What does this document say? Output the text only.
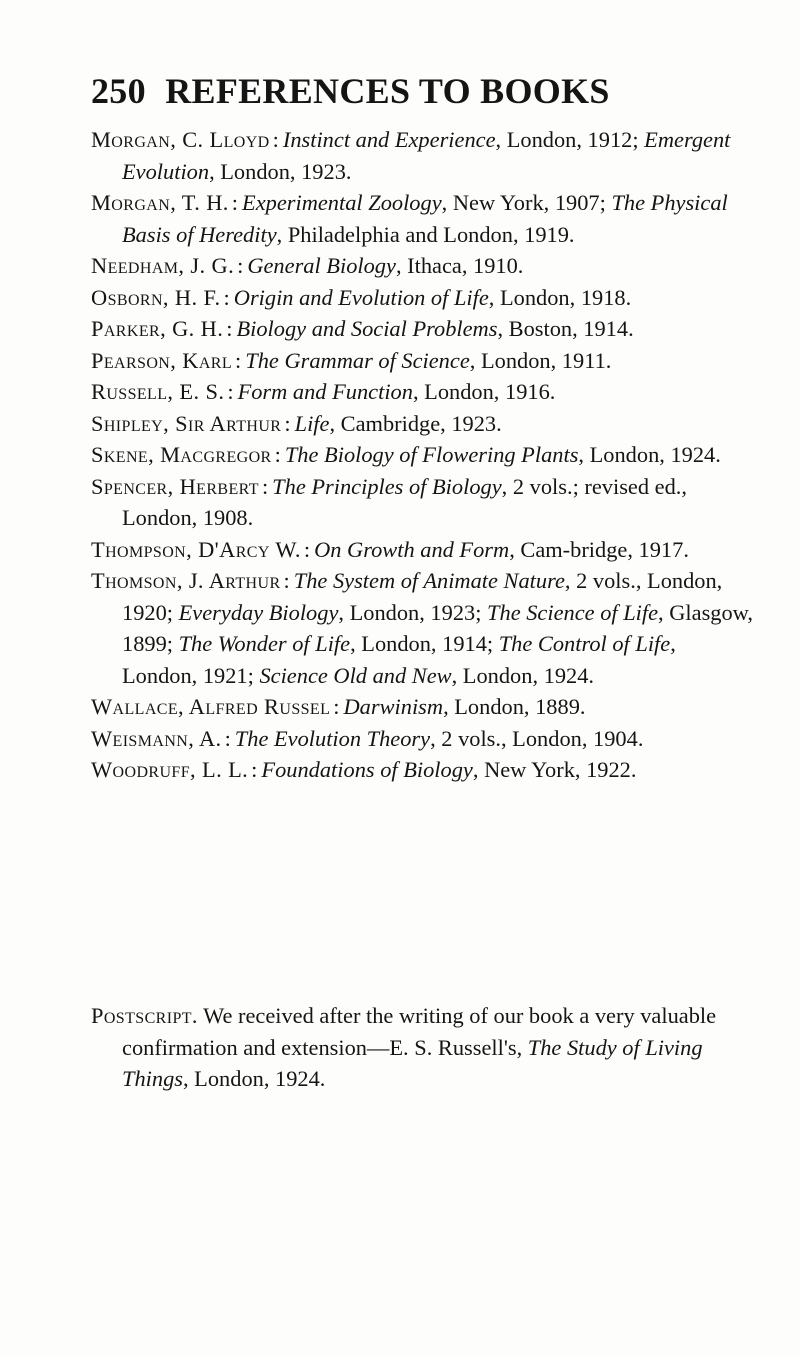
250 REFERENCES TO BOOKS

Morgan, C. Lloyd : Instinct and Experience, London, 1912; Emergent Evolution, London, 1923.

Morgan, T. H. : Experimental Zoology, New York, 1907; The Physical Basis of Heredity, Philadelphia and London, 1919.

Needham, J. G. : General Biology, Ithaca, 1910.

Osborn, H. F. : Origin and Evolution of Life, London, 1918.

Parker, G. H. : Biology and Social Problems, Boston, 1914.

Pearson, Karl : The Grammar of Science, London, 1911.

Russell, E. S. : Form and Function, London, 1916.

Shipley, Sir Arthur : Life, Cambridge, 1923.

Skene, Macgregor : The Biology of Flowering Plants, London, 1924.

Spencer, Herbert : The Principles of Biology, 2 vols.; revised ed., London, 1908.

Thompson, D'Arcy W. : On Growth and Form, Cam-bridge, 1917.

Thomson, J. Arthur : The System of Animate Nature, 2 vols., London, 1920; Everyday Biology, London, 1923; The Science of Life, Glasgow, 1899; The Wonder of Life, London, 1914; The Control of Life, London, 1921; Science Old and New, London, 1924.

Wallace, Alfred Russel : Darwinism, London, 1889.

Weismann, A. : The Evolution Theory, 2 vols., London, 1904.

Woodruff, L. L. : Foundations of Biology, New York, 1922.

Postscript. We received after the writing of our book a very valuable confirmation and extension—E. S. Russell's, The Study of Living Things, London, 1924.
